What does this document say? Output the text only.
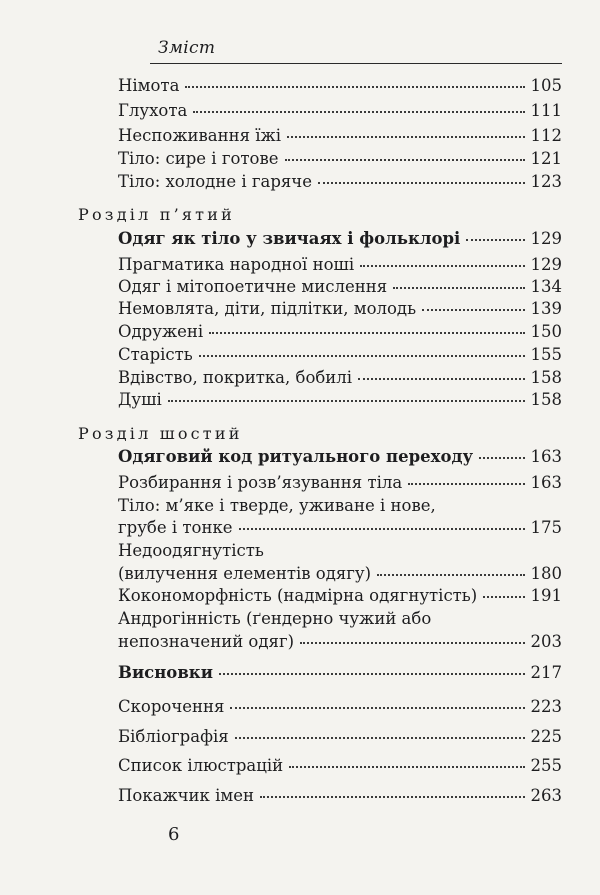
Зміст
Німота	105
Глухота	111
Неспоживання їжі	112
Тіло: сире і готове	121
Тіло: холодне і гаряче	123
Розділ п’ятий
Одяг як тіло у звичаях і фольклорі	129
Прагматика народної ноші	129
Одяг і мітопоетичне мислення	134
Немовлята, діти, підлітки, молодь	139
Одружені	150
Старість	155
Вдівство, покритка, бобилі	158
Душі	158
Розділ шостий
Одяговий код ритуального переходу	163
Розбирання і розв’язування тіла	163
Тіло: м’яке і тверде, уживане і нове,
грубе і тонке	175
Недоодягнутість
(вилучення елементів одягу)	180
Кокономорфність (надмірна одягнутість)	191
Андрогінність (ґендерно чужий або
непозначений одяг)	203
Висновки	217
Скорочення	223
Бібліографія	225
Список ілюстрацій	255
Покажчик імен	263
6
